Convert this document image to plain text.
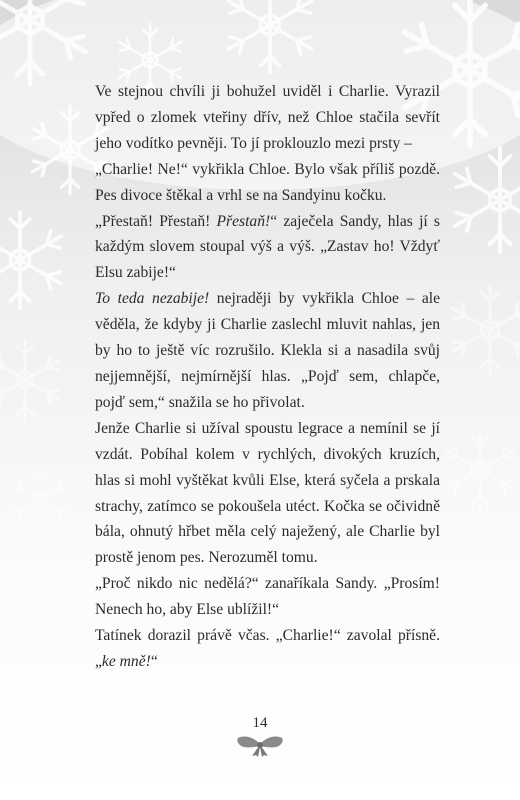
Ve stejnou chvíli ji bohužel uviděl i Charlie. Vyrazil vpřed o zlomek vteřiny dřív, než Chloe stačila sevřít jeho vodítko pevněji. To jí proklouzlo mezi prsty –

„Charlie! Ne!“ vykřikla Chloe. Bylo však příliš pozdě. Pes divoce štěkal a vrhl se na Sandyinu kočku.

„Přestaň! Přestaň! Přestaň!“ zaječela Sandy, hlas jí s každým slovem stoupal výš a výš. „Zastav ho! Vždyť Elsu zabije!“

To teda nezabije! nejraději by vykřikla Chloe – ale věděla, že kdyby ji Charlie zaslechl mluvit nahlas, jen by ho to ještě víc rozrušilo. Klekla si a nasadila svůj nejjemnější, nejmírnější hlas. „Pojď sem, chlapče, pojď sem,“ snažila se ho přivolat.

Jenže Charlie si užíval spoustu legrace a nemínil se jí vzdát. Pobíhal kolem v rychlých, divokých kruzích, hlas si mohl vyštěkat kvůli Else, která syčela a prskala strachy, zatímco se pokoušela utéct. Kočka se očividně bála, ohnutý hřbet měla celý naježený, ale Charlie byl prostě jenom pes. Nerozuměl tomu.

„Proč nikdo nic nedělá?“ zanaříkala Sandy. „Prosím! Nenech ho, aby Else ublížil!“

Tatínek dorazil právě včas. „Charlie!“ zavolal přísně. „ke mně!“

14
